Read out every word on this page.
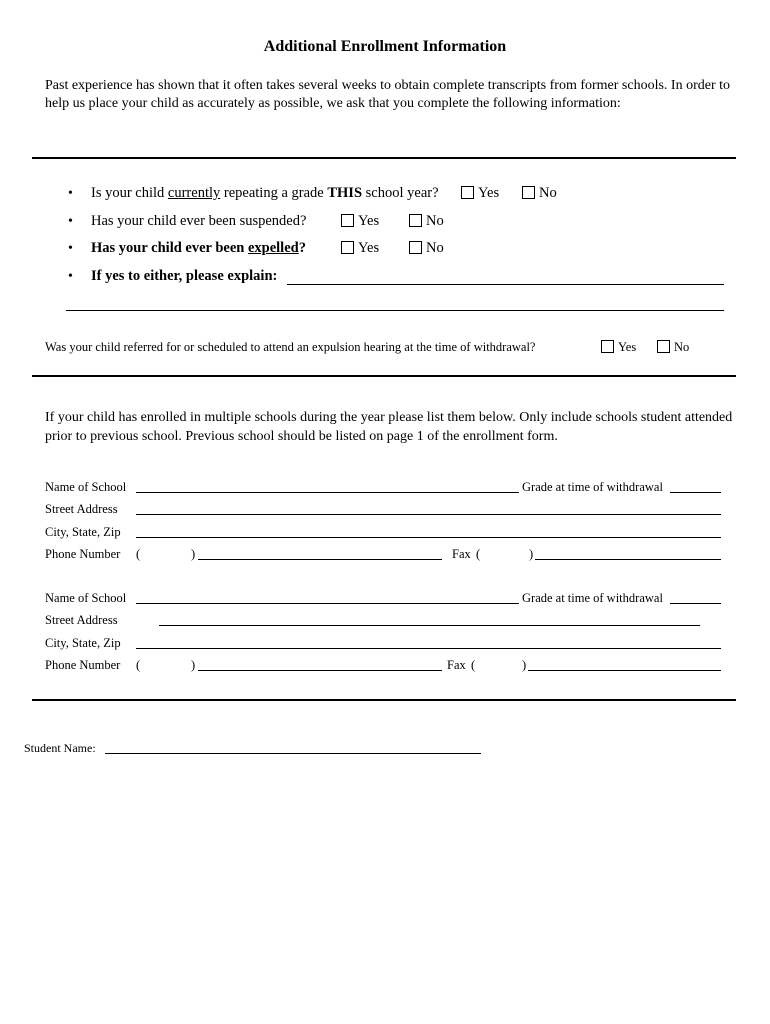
Additional Enrollment Information
Past experience has shown that it often takes several weeks to obtain complete transcripts from former schools. In order to help us place your child as accurately as possible, we ask that you complete the following information:
• Is your child currently repeating a grade THIS school year?	Yes	No
• Has your child ever been suspended?	Yes	No
• Has your child ever been expelled?	Yes	No
• If yes to either, please explain:
Was your child referred for or scheduled to attend an expulsion hearing at the time of withdrawal?	Yes	No
If your child has enrolled in multiple schools during the year please list them below. Only include schools student attended prior to previous school. Previous school should be listed on page 1 of the enrollment form.
Name of School	Grade at time of withdrawal
Street Address
City, State, Zip
Phone Number (	)	Fax (	)
Name of School	Grade at time of withdrawal
Street Address
City, State, Zip
Phone Number (	)	Fax (	)
Student Name:
